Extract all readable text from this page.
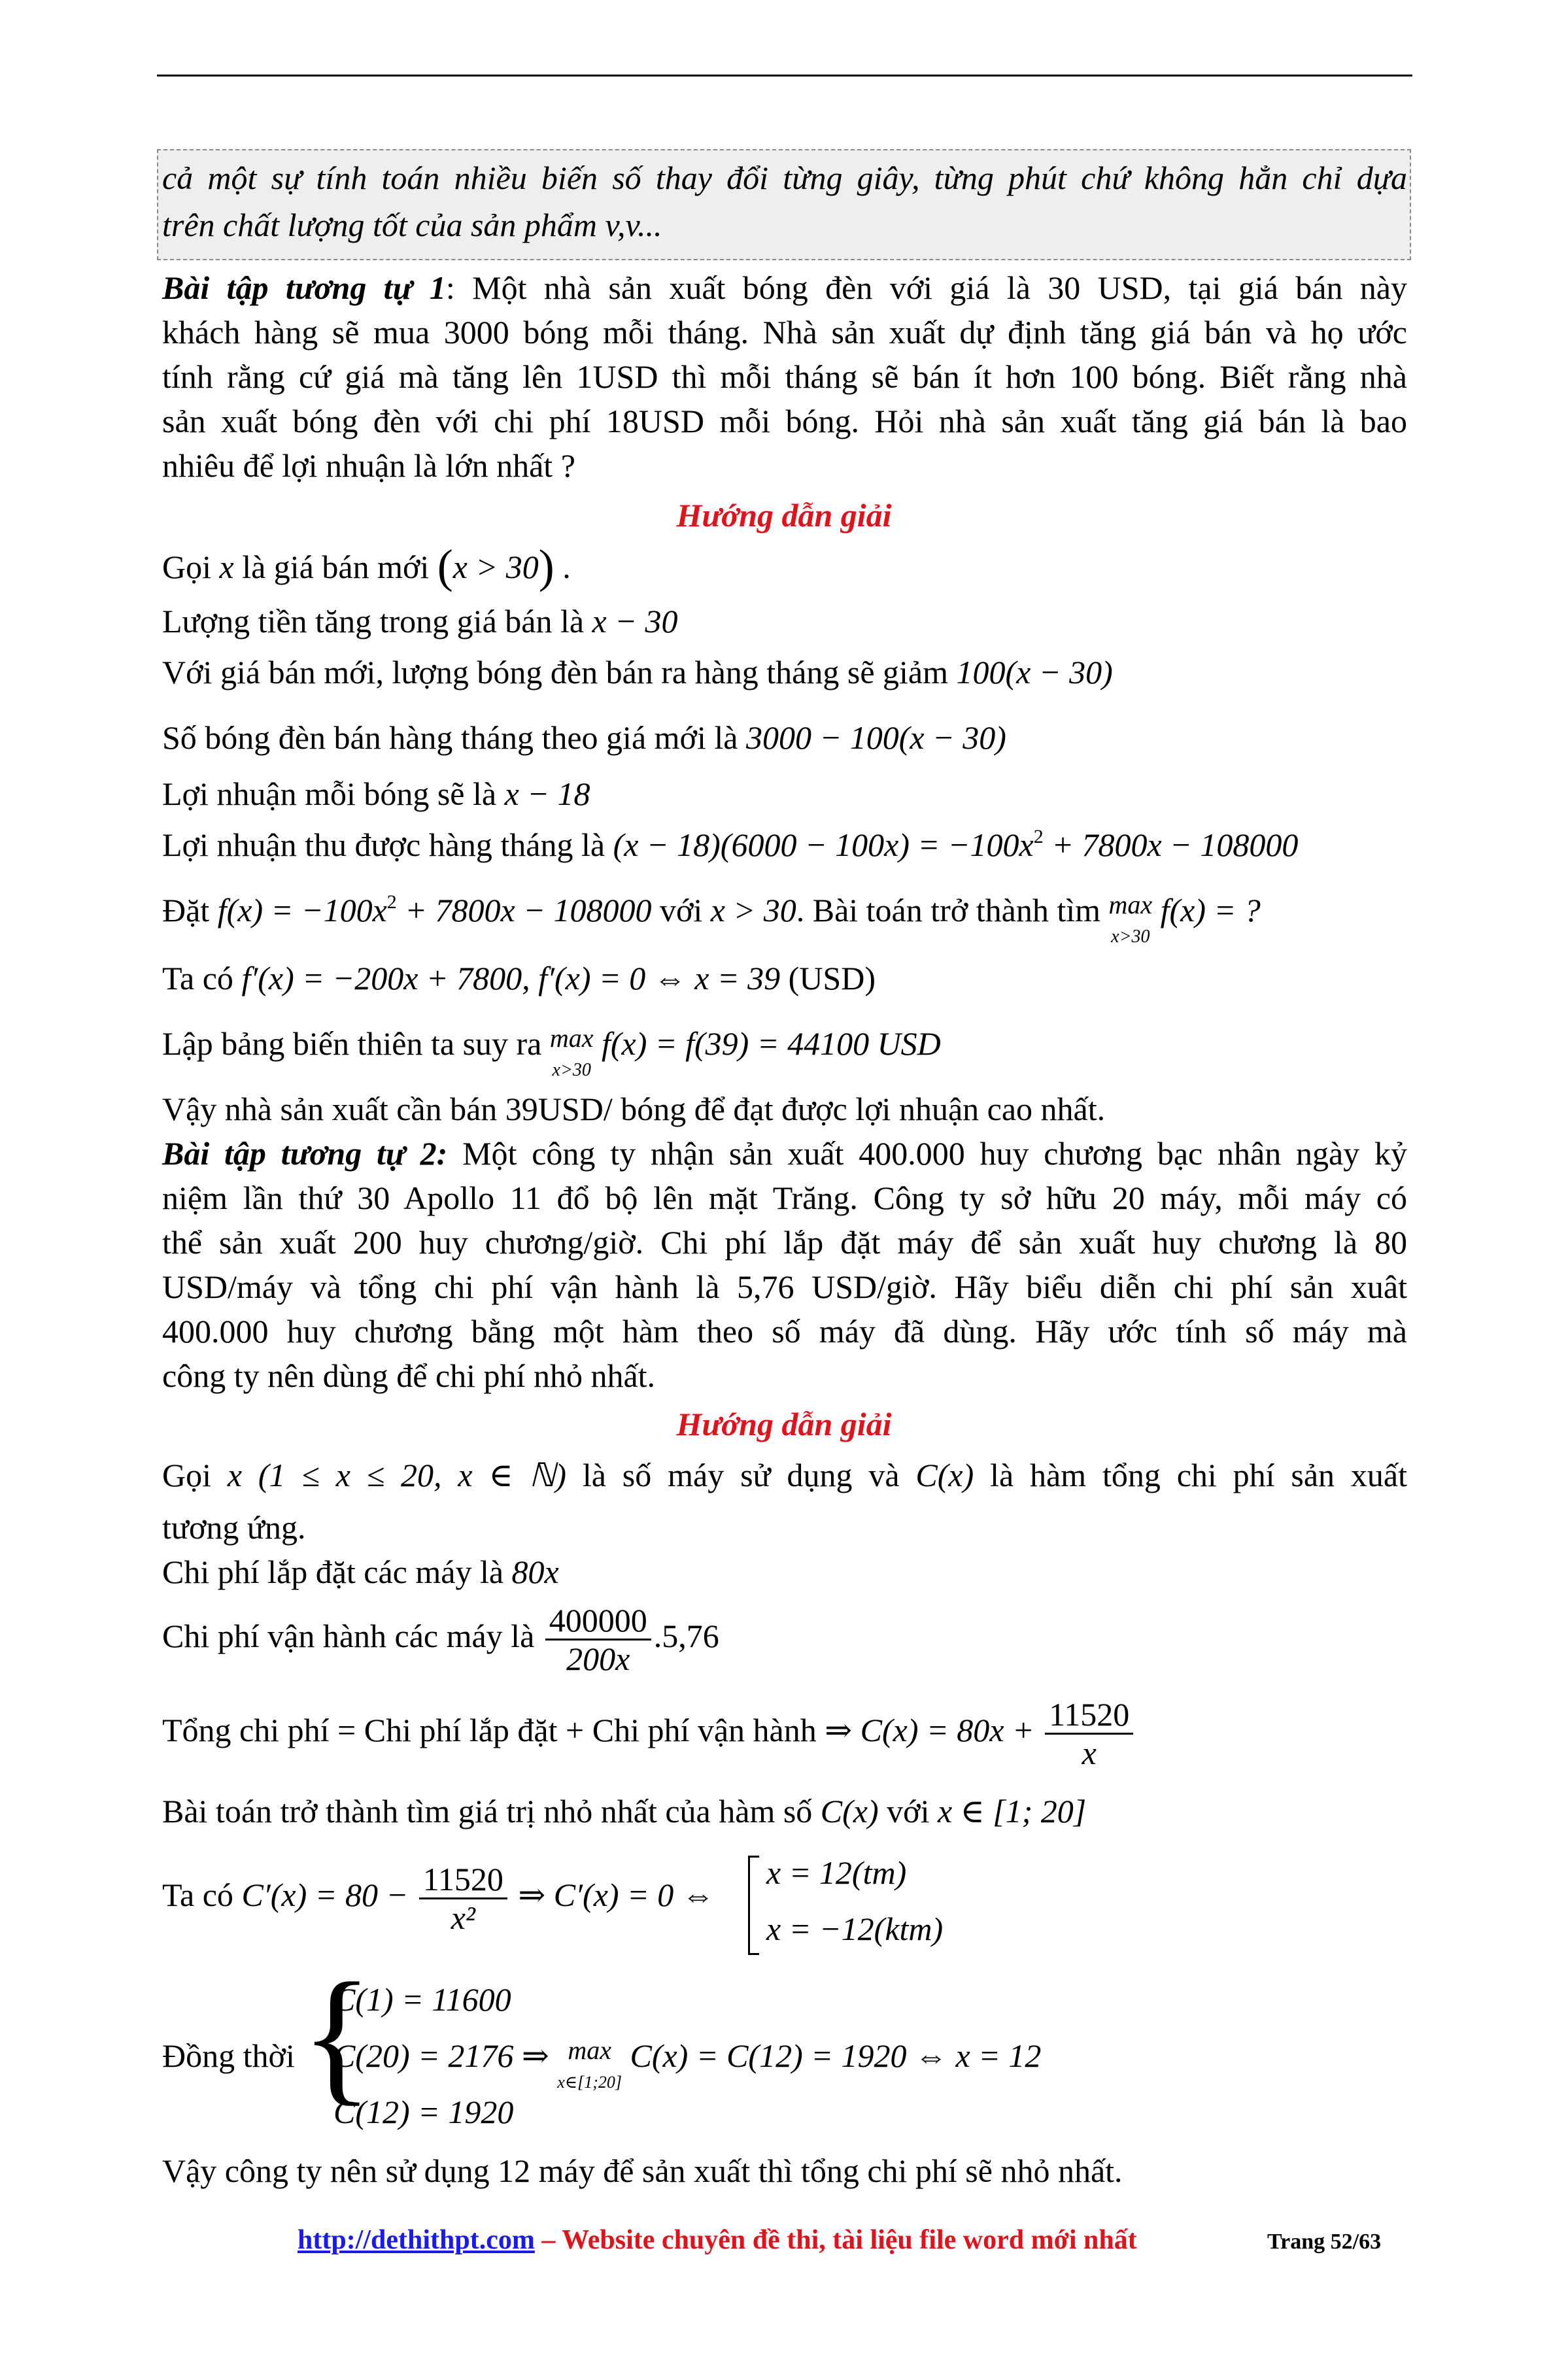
cả một sự tính toán nhiều biến số thay đổi từng giây, từng phút chứ không hẳn chỉ dựa
trên chất lượng tốt của sản phẩm v,v...
Bài tập tương tự 1: Một nhà sản xuất bóng đèn với giá là 30 USD, tại giá bán này
khách hàng sẽ mua 3000 bóng mỗi tháng. Nhà sản xuất dự định tăng giá bán và họ ước
tính rằng cứ giá mà tăng lên 1USD thì mỗi tháng sẽ bán ít hơn 100 bóng. Biết rằng nhà
sản xuất bóng đèn với chi phí 18USD mỗi bóng. Hỏi nhà sản xuất tăng giá bán là bao
nhiêu để lợi nhuận là lớn nhất ?
Hướng dẫn giải
Gọi x là giá bán mới (x > 30) .
Lượng tiền tăng trong giá bán là x − 30
Với giá bán mới, lượng bóng đèn bán ra hàng tháng sẽ giảm 100(x − 30)
Số bóng đèn bán hàng tháng theo giá mới là 3000 − 100(x − 30)
Lợi nhuận mỗi bóng sẽ là x − 18
Lợi nhuận thu được hàng tháng là $(x - 18)(6000 - 100x) = -100x^2 + 7800x - 108000$
Đặt $f(x) = -100x^2 + 7800x - 108000$ với x > 30. Bài toán trở thành tìm max
x>30 f(x) = ?
Ta có f′(x) = −200x + 7800, f′(x) = 0 ⇔ x = 39 (USD)
Lập bảng biến thiên ta suy ra max
x>30 f(x) = f(39) = 44100 USD
Vậy nhà sản xuất cần bán 39USD/ bóng để đạt được lợi nhuận cao nhất.
Bài tập tương tự 2: Một công ty nhận sản xuất 400.000 huy chương bạc nhân ngày kỷ
niệm lần thứ 30 Apollo 11 đổ bộ lên mặt Trăng. Công ty sở hữu 20 máy, mỗi máy có
thể sản xuất 200 huy chương/giờ. Chi phí lắp đặt máy để sản xuất huy chương là 80
USD/máy và tổng chi phí vận hành là 5,76 USD/giờ. Hãy biểu diễn chi phí sản xuât
400.000 huy chương bằng một hàm theo số máy đã dùng. Hãy ước tính số máy mà
công ty nên dùng để chi phí nhỏ nhất.
Hướng dẫn giải
Gọi x (1 ≤ x ≤ 20, x ∈ ℕ) là số máy sử dụng và C(x) là hàm tổng chi phí sản xuất
tương ứng.
Chi phí lắp đặt các máy là 80x
Chi phí vận hành các máy là $\frac{400000}{200x} .5,76$
Tổng chi phí = Chi phí lắp đặt + Chi phí vận hành ⇒ $C(x) = 80x + \frac{11520}{x}$
Bài toán trở thành tìm giá trị nhỏ nhất của hàm số C(x) với x ∈ [1; 20]
Ta có $C'(x) = 80 - \frac{11520}{\text{x²}}$ ⇒ C′(x) = 0 ⇔
x = 12(tm)
x = −12(ktm)
Đồng thời {
C(1) = 11600
C(20) = 2176 ⇒ max
x∈[1;20] C(x) = C(12) = 1920 ⇔ x = 12
C(12) = 1920
Vậy công ty nên sử dụng 12 máy để sản xuất thì tổng chi phí sẽ nhỏ nhất.
http://dethithpt.com – Website chuyên đề thi, tài liệu file word mới nhất	Trang 52/63
